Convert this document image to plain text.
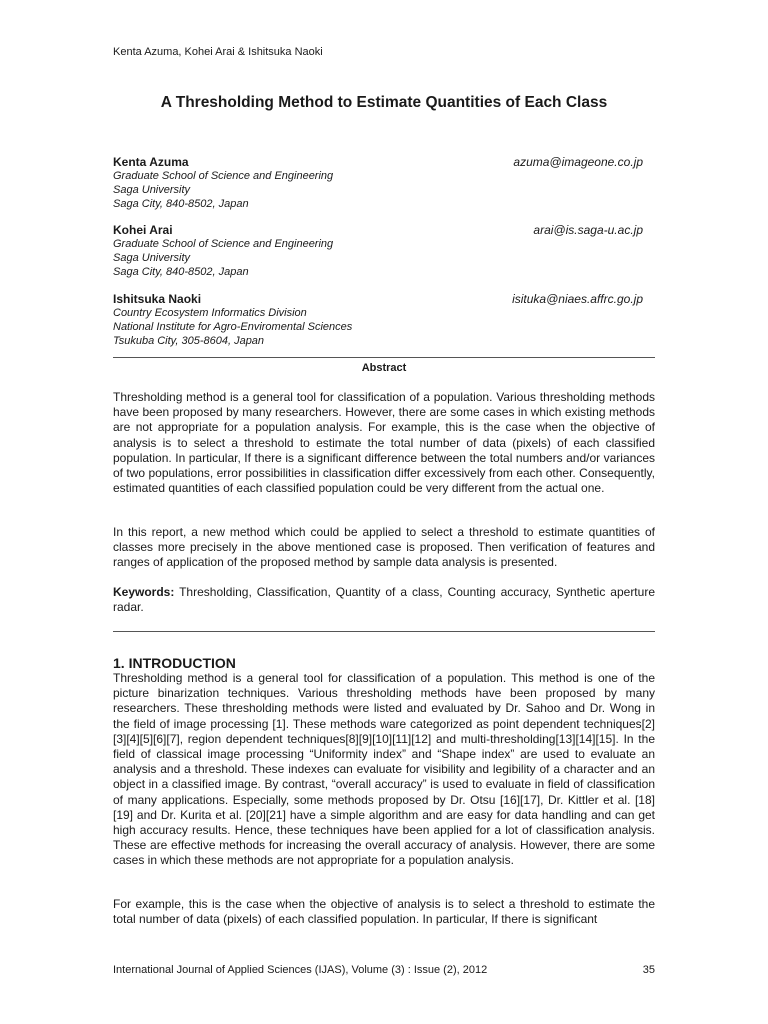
Kenta Azuma, Kohei Arai & Ishitsuka Naoki
A Thresholding Method to Estimate Quantities of Each Class
Kenta Azuma	azuma@imageone.co.jp
Graduate School of Science and Engineering
Saga University
Saga City, 840-8502, Japan
Kohei Arai	arai@is.saga-u.ac.jp
Graduate School of Science and Engineering
Saga University
Saga City, 840-8502, Japan
Ishitsuka Naoki	isituka@niaes.affrc.go.jp
Country Ecosystem Informatics Division
National Institute for Agro-Enviromental Sciences
Tsukuba City, 305-8604, Japan
Abstract

Thresholding method is a general tool for classification of a population. Various thresholding methods have been proposed by many researchers. However, there are some cases in which existing methods are not appropriate for a population analysis. For example, this is the case when the objective of analysis is to select a threshold to estimate the total number of data (pixels) of each classified population. In particular, If there is a significant difference between the total numbers and/or variances of two populations, error possibilities in classification differ excessively from each other. Consequently, estimated quantities of each classified population could be very different from the actual one.

In this report, a new method which could be applied to select a threshold to estimate quantities of classes more precisely in the above mentioned case is proposed. Then verification of features and ranges of application of the proposed method by sample data analysis is presented.

Keywords: Thresholding, Classification, Quantity of a class, Counting accuracy, Synthetic aperture radar.

1. INTRODUCTION

Thresholding method is a general tool for classification of a population. This method is one of the picture binarization techniques. Various thresholding methods have been proposed by many researchers. These thresholding methods were listed and evaluated by Dr. Sahoo and Dr. Wong in the field of image processing [1]. These methods ware categorized as point dependent techniques[2][3][4][5][6][7], region dependent techniques[8][9][10][11][12] and multi-thresholding[13][14][15]. In the field of classical image processing “Uniformity index” and “Shape index” are used to evaluate an analysis and a threshold. These indexes can evaluate for visibility and legibility of a character and an object in a classified image. By contrast, “overall accuracy” is used to evaluate in field of classification of many applications. Especially, some methods proposed by Dr. Otsu [16][17], Dr. Kittler et al. [18][19] and Dr. Kurita et al. [20][21] have a simple algorithm and are easy for data handling and can get high accuracy results. Hence, these techniques have been applied for a lot of classification analysis. These are effective methods for increasing the overall accuracy of analysis. However, there are some cases in which these methods are not appropriate for a population analysis.

For example, this is the case when the objective of analysis is to select a threshold to estimate the total number of data (pixels) of each classified population. In particular, If there is significant

International Journal of Applied Sciences (IJAS), Volume (3) : Issue (2), 2012	35
